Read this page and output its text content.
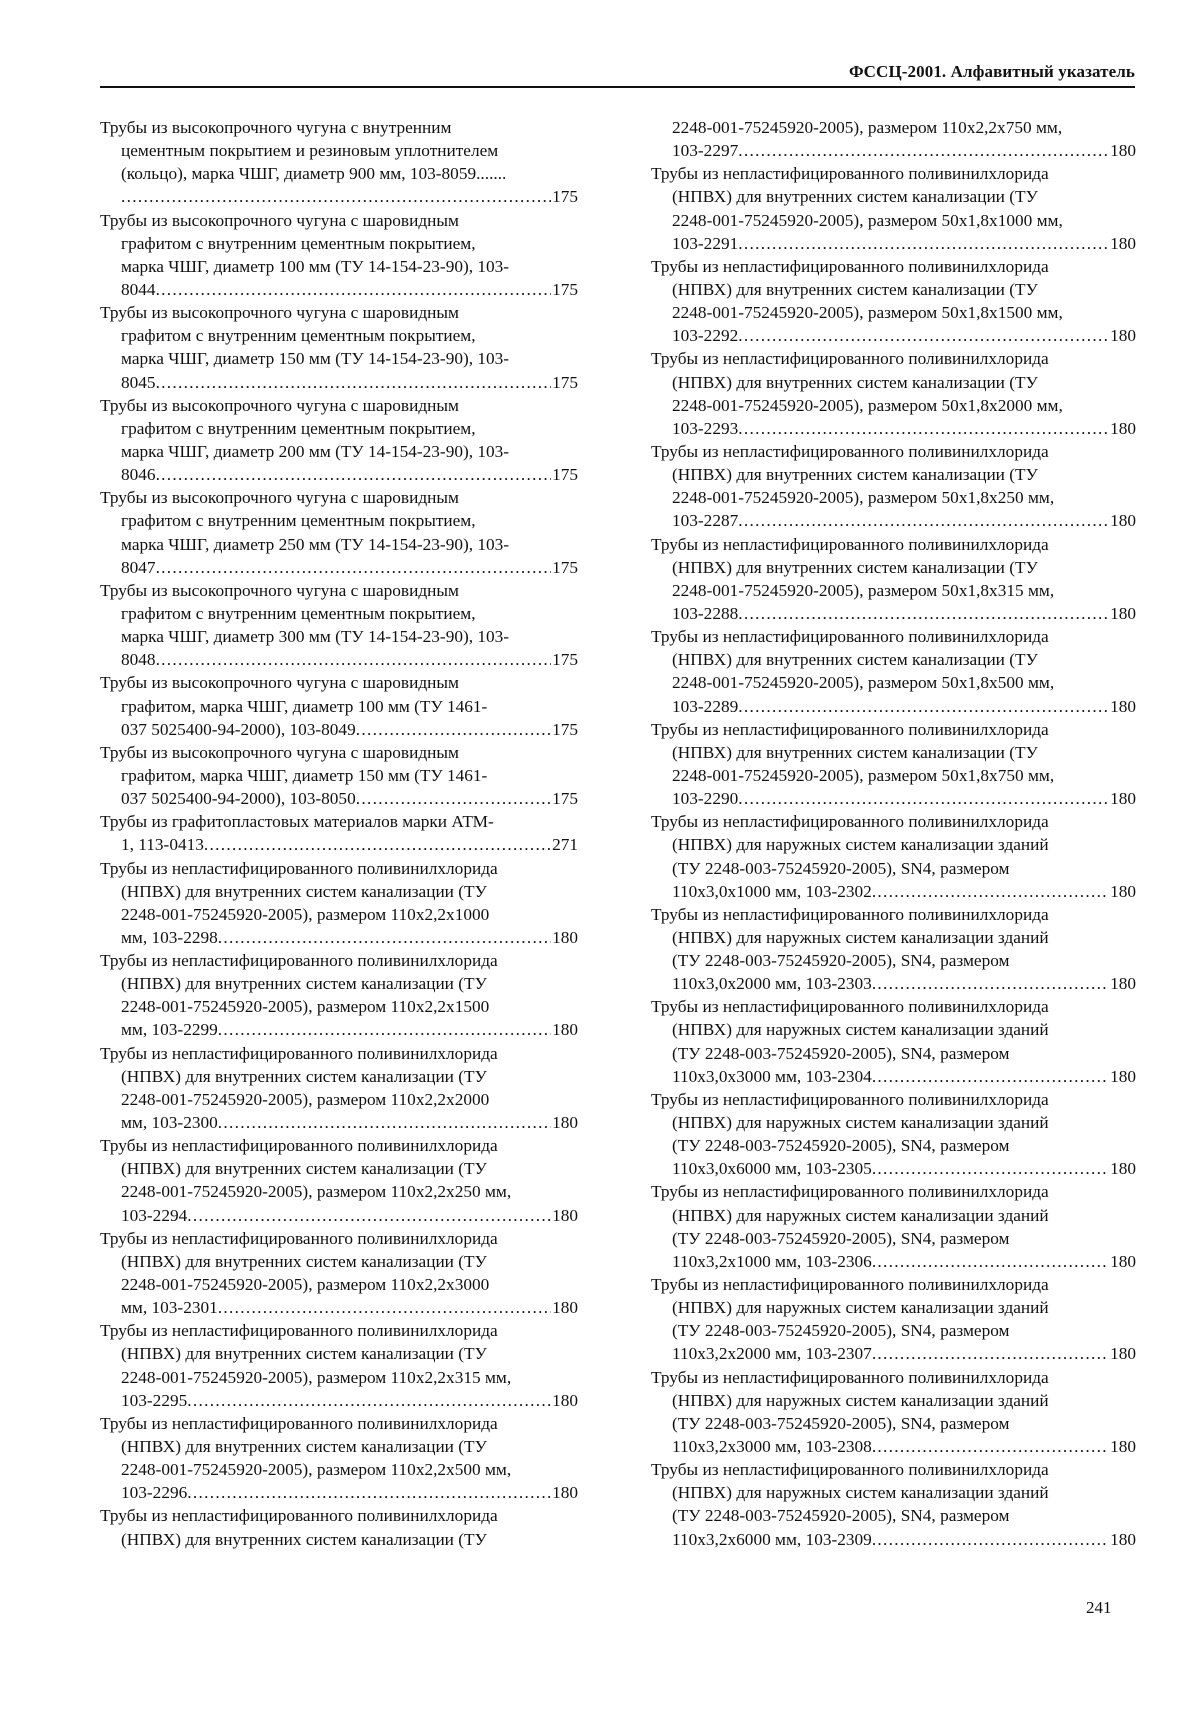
ФССЦ-2001. Алфавитный указатель
Трубы из высокопрочного чугуна с внутренним
цементным покрытием и резиновым уплотнителем
(кольцо), марка ЧШГ, диаметр 900 мм, 103-8059.......
.....
175
Трубы из высокопрочного чугуна с шаровидным
графитом с внутренним цементным покрытием,
марка ЧШГ, диаметр 100 мм (ТУ 14-154-23-90), 103-
8044 .....	175
Трубы из высокопрочного чугуна с шаровидным
графитом с внутренним цементным покрытием,
марка ЧШГ, диаметр 150 мм (ТУ 14-154-23-90), 103-
8045 .....	175
Трубы из высокопрочного чугуна с шаровидным
графитом с внутренним цементным покрытием,
марка ЧШГ, диаметр 200 мм (ТУ 14-154-23-90), 103-
8046 .....	175
Трубы из высокопрочного чугуна с шаровидным
графитом с внутренним цементным покрытием,
марка ЧШГ, диаметр 250 мм (ТУ 14-154-23-90), 103-
8047 .....	175
Трубы из высокопрочного чугуна с шаровидным
графитом с внутренним цементным покрытием,
марка ЧШГ, диаметр 300 мм (ТУ 14-154-23-90), 103-
8048 .....	175
Трубы из высокопрочного чугуна с шаровидным
графитом, марка ЧШГ, диаметр 100 мм (ТУ 1461-
037 5025400-94-2000), 103-8049 .....	175
Трубы из высокопрочного чугуна с шаровидным
графитом, марка ЧШГ, диаметр 150 мм (ТУ 1461-
037 5025400-94-2000), 103-8050 .....	175
Трубы из графитопластовых материалов марки АТМ-
1, 113-0413 .....	271
Трубы из непластифицированного поливинилхлорида
(НПВХ) для внутренних систем канализации (ТУ
2248-001-75245920-2005), размером 110х2,2х1000
мм, 103-2298 .....	180
Трубы из непластифицированного поливинилхлорида
(НПВХ) для внутренних систем канализации (ТУ
2248-001-75245920-2005), размером 110х2,2х1500
мм, 103-2299 .....	180
Трубы из непластифицированного поливинилхлорида
(НПВХ) для внутренних систем канализации (ТУ
2248-001-75245920-2005), размером 110х2,2х2000
мм, 103-2300 .....	180
Трубы из непластифицированного поливинилхлорида
(НПВХ) для внутренних систем канализации (ТУ
2248-001-75245920-2005), размером 110х2,2х250 мм,
103-2294 .....	180
Трубы из непластифицированного поливинилхлорида
(НПВХ) для внутренних систем канализации (ТУ
2248-001-75245920-2005), размером 110х2,2х3000
мм, 103-2301 .....	180
Трубы из непластифицированного поливинилхлорида
(НПВХ) для внутренних систем канализации (ТУ
2248-001-75245920-2005), размером 110х2,2х315 мм,
103-2295 .....	180
Трубы из непластифицированного поливинилхлорида
(НПВХ) для внутренних систем канализации (ТУ
2248-001-75245920-2005), размером 110х2,2х500 мм,
103-2296 .....	180
Трубы из непластифицированного поливинилхлорида
(НПВХ) для внутренних систем канализации (ТУ
2248-001-75245920-2005), размером 110х2,2х750 мм,
103-2297 .....	180
Трубы из непластифицированного поливинилхлорида
(НПВХ) для внутренних систем канализации (ТУ
2248-001-75245920-2005), размером 50х1,8х1000 мм,
103-2291 .....	180
Трубы из непластифицированного поливинилхлорида
(НПВХ) для внутренних систем канализации (ТУ
2248-001-75245920-2005), размером 50х1,8х1500 мм,
103-2292 .....	180
Трубы из непластифицированного поливинилхлорида
(НПВХ) для внутренних систем канализации (ТУ
2248-001-75245920-2005), размером 50х1,8х2000 мм,
103-2293 .....	180
Трубы из непластифицированного поливинилхлорида
(НПВХ) для внутренних систем канализации (ТУ
2248-001-75245920-2005), размером 50х1,8х250 мм,
103-2287 .....	180
Трубы из непластифицированного поливинилхлорида
(НПВХ) для внутренних систем канализации (ТУ
2248-001-75245920-2005), размером 50х1,8х315 мм,
103-2288 .....	180
Трубы из непластифицированного поливинилхлорида
(НПВХ) для внутренних систем канализации (ТУ
2248-001-75245920-2005), размером 50х1,8х500 мм,
103-2289 .....	180
Трубы из непластифицированного поливинилхлорида
(НПВХ) для внутренних систем канализации (ТУ
2248-001-75245920-2005), размером 50х1,8х750 мм,
103-2290 .....	180
Трубы из непластифицированного поливинилхлорида
(НПВХ) для наружных систем канализации зданий
(ТУ 2248-003-75245920-2005), SN4, размером
110х3,0х1000 мм, 103-2302 .....	180
Трубы из непластифицированного поливинилхлорида
(НПВХ) для наружных систем канализации зданий
(ТУ 2248-003-75245920-2005), SN4, размером
110х3,0х2000 мм, 103-2303 .....	180
Трубы из непластифицированного поливинилхлорида
(НПВХ) для наружных систем канализации зданий
(ТУ 2248-003-75245920-2005), SN4, размером
110х3,0х3000 мм, 103-2304 .....	180
Трубы из непластифицированного поливинилхлорида
(НПВХ) для наружных систем канализации зданий
(ТУ 2248-003-75245920-2005), SN4, размером
110х3,0х6000 мм, 103-2305 .....	180
Трубы из непластифицированного поливинилхлорида
(НПВХ) для наружных систем канализации зданий
(ТУ 2248-003-75245920-2005), SN4, размером
110х3,2х1000 мм, 103-2306 .....	180
Трубы из непластифицированного поливинилхлорида
(НПВХ) для наружных систем канализации зданий
(ТУ 2248-003-75245920-2005), SN4, размером
110х3,2х2000 мм, 103-2307 .....	180
Трубы из непластифицированного поливинилхлорида
(НПВХ) для наружных систем канализации зданий
(ТУ 2248-003-75245920-2005), SN4, размером
110х3,2х3000 мм, 103-2308 .....	180
Трубы из непластифицированного поливинилхлорида
(НПВХ) для наружных систем канализации зданий
(ТУ 2248-003-75245920-2005), SN4, размером
110х3,2х6000 мм, 103-2309 .....	180
241
